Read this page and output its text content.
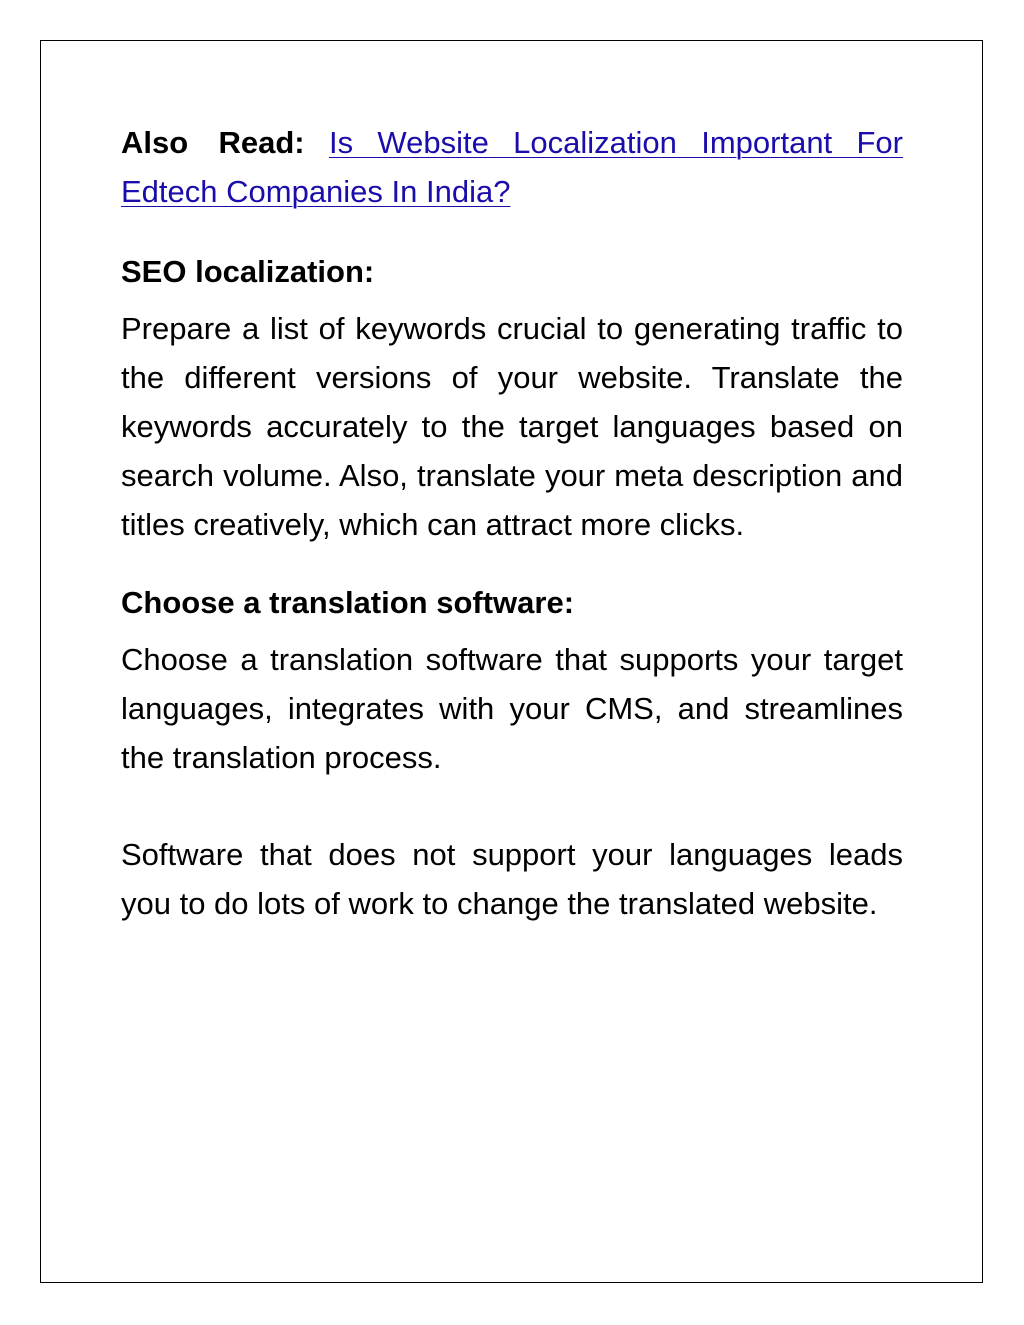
Also Read: Is Website Localization Important For Edtech Companies In India?

SEO localization:

Prepare a list of keywords crucial to generating traffic to the different versions of your website. Translate the keywords accurately to the target languages based on search volume. Also, translate your meta description and titles creatively, which can attract more clicks.

Choose a translation software:

Choose a translation software that supports your target languages, integrates with your CMS, and streamlines the translation process.

Software that does not support your languages leads you to do lots of work to change the translated website.
